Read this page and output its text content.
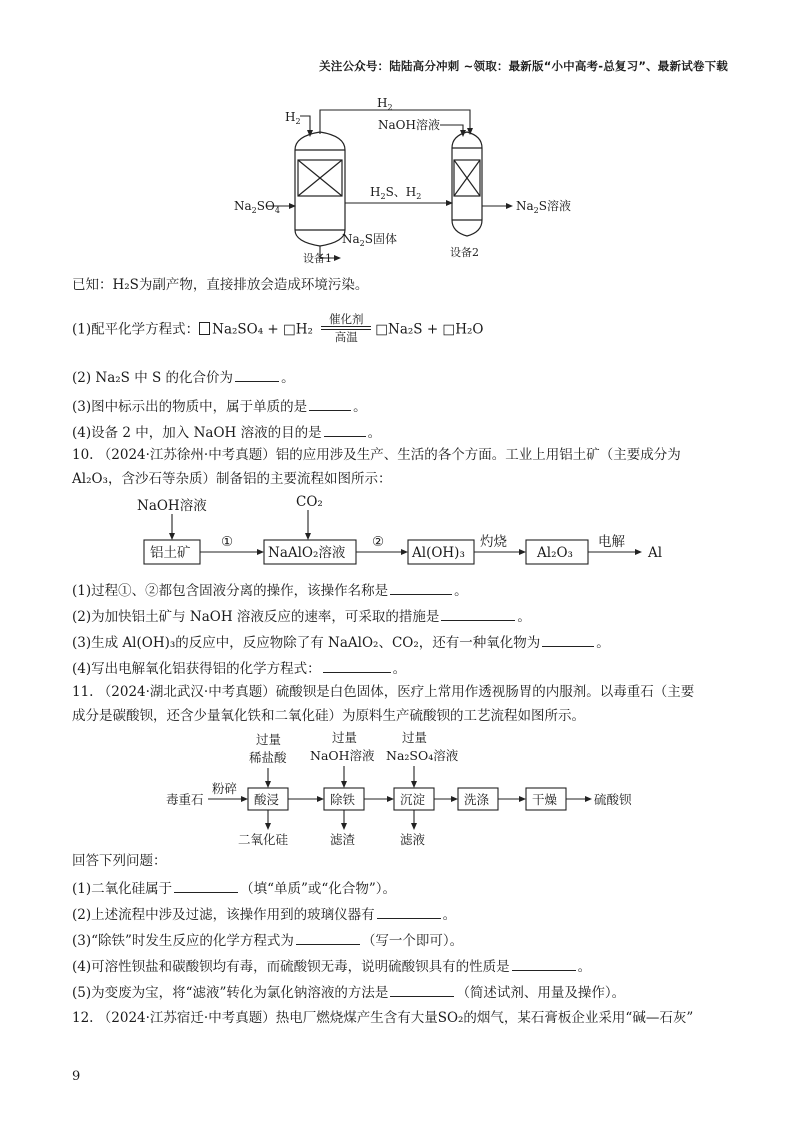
关注公众号：陆陆高分冲刺 ~领取：最新版“小中高考-总复习”、最新试卷下载
$H_2$
$H_2$
NaOH溶液
$Na_2SO_4$
$H_2S$、$H_2$
$Na_2S$溶液
$Na_2S$固体
设备1	设备2
已知：H₂S为副产物，直接排放会造成环境污染。
(1)配平化学方程式： Na₂SO₄ + □H₂
催化剂
高温	□Na₂S + □H₂O
(2) Na₂S 中 S 的化合价为	。
(3)图中标示出的物质中，属于单质的是	。
(4)设备 2 中，加入 NaOH 溶液的目的是	。
10. （2024·江苏徐州·中考真题）铝的应用涉及生产、生活的各个方面。工业上用铝土矿（主要成分为
Al₂O₃，含沙石等杂质）制备铝的主要流程如图所示：
NaOH溶液	CO₂
铝土矿
①
NaAlO₂溶液
②
Al(OH)₃
灼烧
Al₂O₃
电解
Al
(1)过程①、②都包含固液分离的操作，该操作名称是	。
(2)为加快铝土矿与 NaOH 溶液反应的速率，可采取的措施是	。
(3)生成 Al(OH)₃的反应中，反应物除了有 NaAlO₂、CO₂，还有一种氧化物为	。
(4)写出电解氧化铝获得铝的化学方程式：	。
11. （2024·湖北武汉·中考真题）硫酸钡是白色固体，医疗上常用作透视肠胃的内服剂。以毒重石（主要
成分是碳酸钡，还含少量氧化铁和二氧化硅）为原料生产硫酸钡的工艺流程如图所示。
过量
稀盐酸
过量
NaOH溶液
过量
Na₂SO₄溶液
毒重石
粉碎
酸浸	除铁	沉淀	洗涤	干燥	硫酸钡
二氧化硅	滤渣	滤液
回答下列问题：
(1)二氧化硅属于	（填“单质”或“化合物”）。
(2)上述流程中涉及过滤，该操作用到的玻璃仪器有	。
(3)“除铁”时发生反应的化学方程式为	（写一个即可）。
(4)可溶性钡盐和碳酸钡均有毒，而硫酸钡无毒，说明硫酸钡具有的性质是	。
(5)为变废为宝，将“滤液”转化为氯化钠溶液的方法是	（简述试剂、用量及操作）。
12. （2024·江苏宿迁·中考真题）热电厂燃烧煤产生含有大量SO₂的烟气，某石膏板企业采用“碱—石灰”
9
